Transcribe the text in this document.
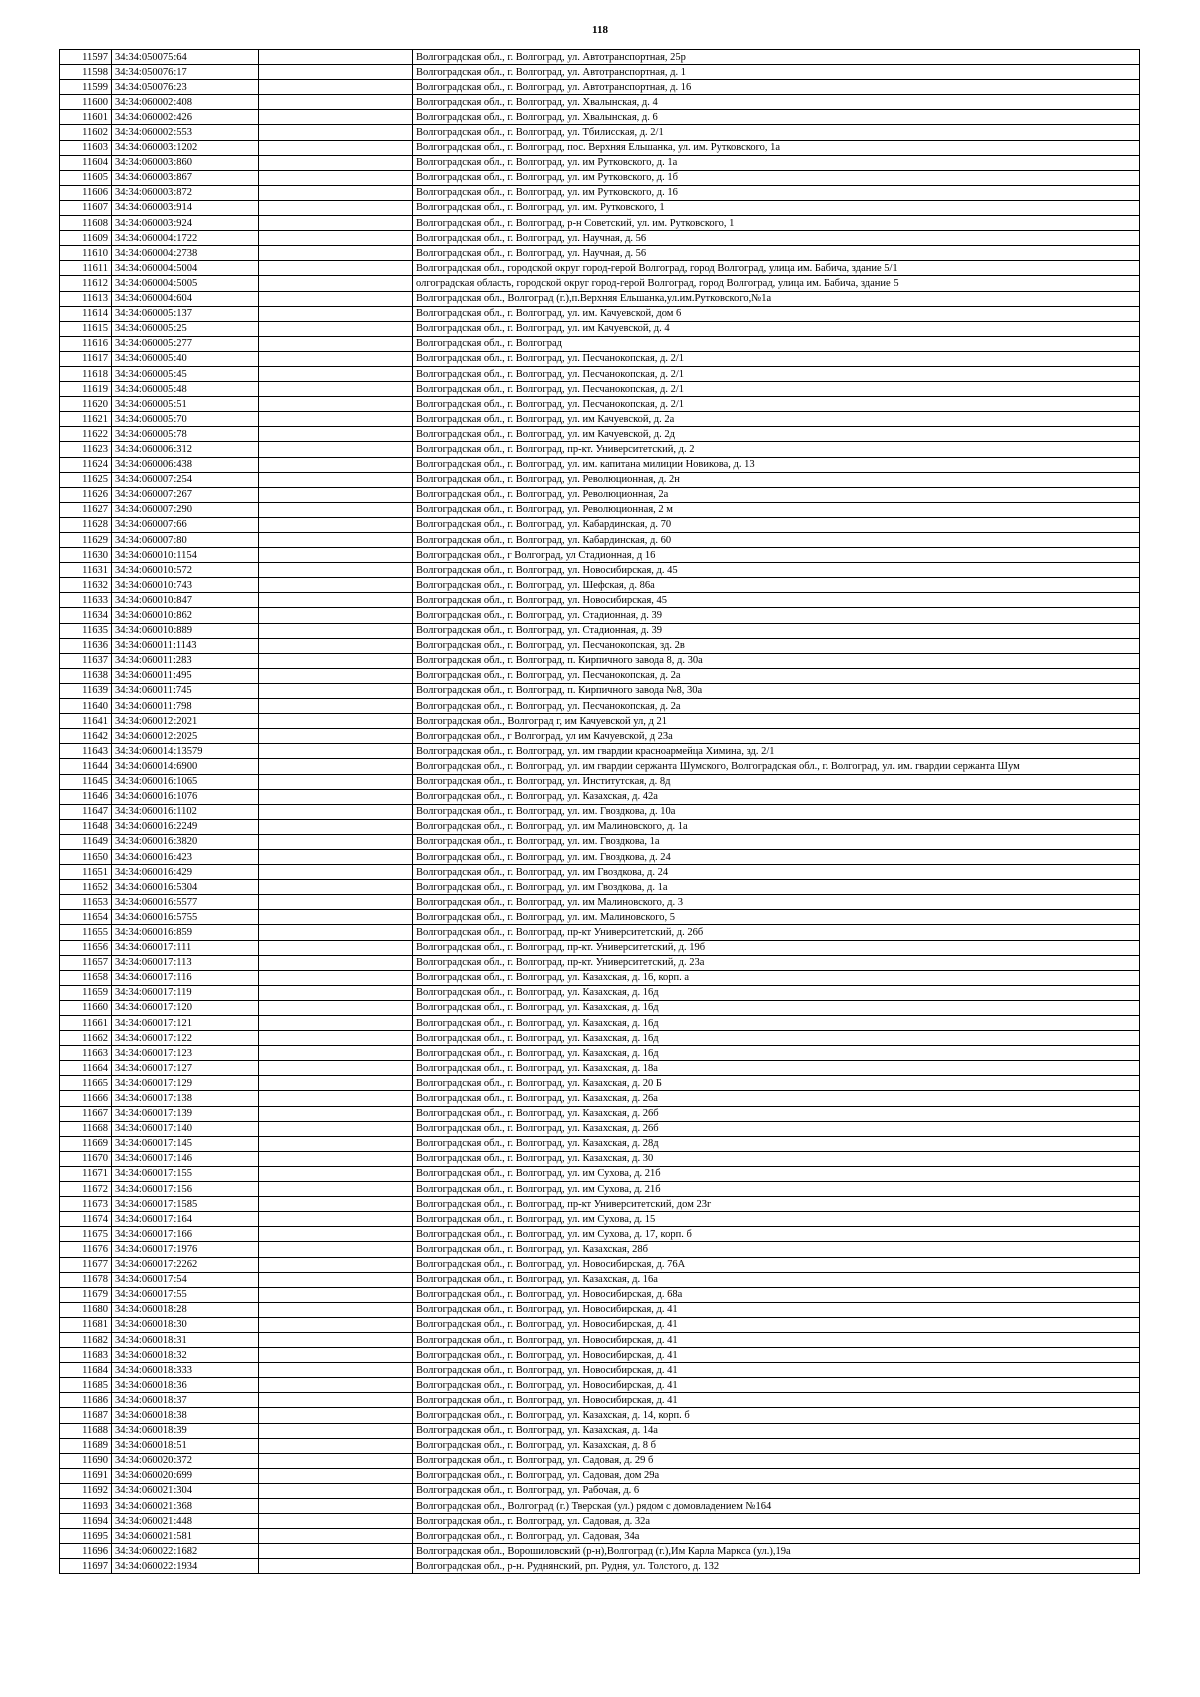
118
11597	34:34:050075:64		Волгоградская обл., г. Волгоград, ул. Автотранспортная, 25р
11598	34:34:050076:17		Волгоградская обл., г. Волгоград, ул. Автотранспортная, д. 1
11599	34:34:050076:23		Волгоградская обл., г. Волгоград, ул. Автотранспортная, д. 16
11600	34:34:060002:408		Волгоградская обл., г. Волгоград, ул. Хвалынская, д. 4
11601	34:34:060002:426		Волгоградская обл., г. Волгоград, ул. Хвалынская, д. 6
11602	34:34:060002:553		Волгоградская обл., г. Волгоград, ул. Тбилисская, д. 2/1
11603	34:34:060003:1202		Волгоградская обл., г. Волгоград, пос. Верхняя Ельшанка, ул. им. Рутковского, 1а
11604	34:34:060003:860		Волгоградская обл., г. Волгоград, ул. им Рутковского, д. 1а
11605	34:34:060003:867		Волгоградская обл., г. Волгоград, ул. им Рутковского, д. 1б
11606	34:34:060003:872		Волгоградская обл., г. Волгоград, ул. им Рутковского, д. 16
11607	34:34:060003:914		Волгоградская обл., г. Волгоград, ул. им. Рутковского, 1
11608	34:34:060003:924		Волгоградская обл., г. Волгоград, р-н Советский, ул. им. Рутковского, 1
11609	34:34:060004:1722		Волгоградская обл., г. Волгоград, ул. Научная, д. 56
11610	34:34:060004:2738		Волгоградская обл., г. Волгоград, ул. Научная, д. 56
11611	34:34:060004:5004		Волгоградская обл., городской округ город-герой Волгоград, город Волгоград, улица им. Бабича, здание 5/1
11612	34:34:060004:5005		олгоградская область, городской округ город-герой Волгоград, город Волгоград, улица им. Бабича, здание 5
11613	34:34:060004:604		Волгоградская обл., Волгоград (г.),п.Верхняя Ельшанка,ул.им.Рутковского,№1а
11614	34:34:060005:137		Волгоградская обл., г. Волгоград, ул. им. Качуевской, дом 6
11615	34:34:060005:25		Волгоградская обл., г. Волгоград, ул. им Качуевской, д. 4
11616	34:34:060005:277		Волгоградская обл., г. Волгоград
11617	34:34:060005:40		Волгоградская обл., г. Волгоград, ул. Песчанокопская, д. 2/1
11618	34:34:060005:45		Волгоградская обл., г. Волгоград, ул. Песчанокопская, д. 2/1
11619	34:34:060005:48		Волгоградская обл., г. Волгоград, ул. Песчанокопская, д. 2/1
11620	34:34:060005:51		Волгоградская обл., г. Волгоград, ул. Песчанокопская, д. 2/1
11621	34:34:060005:70		Волгоградская обл., г. Волгоград, ул. им Качуевской, д. 2а
11622	34:34:060005:78		Волгоградская обл., г. Волгоград, ул. им Качуевской, д. 2д
11623	34:34:060006:312		Волгоградская обл., г. Волгоград, пр-кт. Университетский, д. 2
11624	34:34:060006:438		Волгоградская обл., г. Волгоград, ул. им. капитана милиции Новикова, д. 13
11625	34:34:060007:254		Волгоградская обл., г. Волгоград, ул. Революционная, д. 2н
11626	34:34:060007:267		Волгоградская обл., г. Волгоград, ул. Революционная, 2а
11627	34:34:060007:290		Волгоградская обл., г. Волгоград, ул. Революционная, 2 м
11628	34:34:060007:66		Волгоградская обл., г. Волгоград, ул. Кабардинская, д. 70
11629	34:34:060007:80		Волгоградская обл., г. Волгоград, ул. Кабардинская, д. 60
11630	34:34:060010:1154		Волгоградская обл., г Волгоград, ул Стадионная, д 16
11631	34:34:060010:572		Волгоградская обл., г. Волгоград, ул. Новосибирская, д. 45
11632	34:34:060010:743		Волгоградская обл., г. Волгоград, ул. Шефская, д. 86а
11633	34:34:060010:847		Волгоградская обл., г. Волгоград, ул. Новосибирская, 45
11634	34:34:060010:862		Волгоградская обл., г. Волгоград, ул. Стадионная, д. 39
11635	34:34:060010:889		Волгоградская обл., г. Волгоград, ул. Стадионная, д. 39
11636	34:34:060011:1143		Волгоградская обл., г. Волгоград, ул. Песчанокопская, зд. 2в
11637	34:34:060011:283		Волгоградская обл., г. Волгоград, п. Кирпичного завода 8, д. 30а
11638	34:34:060011:495		Волгоградская обл., г. Волгоград, ул. Песчанокопская, д. 2а
11639	34:34:060011:745		Волгоградская обл., г. Волгоград, п. Кирпичного завода №8, 30а
11640	34:34:060011:798		Волгоградская обл., г. Волгоград, ул. Песчанокопская, д. 2а
11641	34:34:060012:2021		Волгоградская обл., Волгоград г, им Качуевской ул, д 21
11642	34:34:060012:2025		Волгоградская обл., г Волгоград, ул им Качуевской, д 23а
11643	34:34:060014:13579		Волгоградская обл., г. Волгоград, ул. им гвардии красноармейца Химина, зд. 2/1
11644	34:34:060014:6900		Волгоградская обл., г. Волгоград, ул. им гвардии сержанта Шумского, Волгоградская обл., г. Волгоград, ул. им. гвардии сержанта Шум
11645	34:34:060016:1065		Волгоградская обл., г. Волгоград, ул. Институтская, д. 8д
11646	34:34:060016:1076		Волгоградская обл., г. Волгоград, ул. Казахская, д. 42а
11647	34:34:060016:1102		Волгоградская обл., г. Волгоград, ул. им. Гвоздкова, д. 10а
11648	34:34:060016:2249		Волгоградская обл., г. Волгоград, ул. им Малиновского, д. 1а
11649	34:34:060016:3820		Волгоградская обл., г. Волгоград, ул. им. Гвоздкова, 1а
11650	34:34:060016:423		Волгоградская обл., г. Волгоград, ул. им. Гвоздкова, д. 24
11651	34:34:060016:429		Волгоградская обл., г. Волгоград, ул. им Гвоздкова, д. 24
11652	34:34:060016:5304		Волгоградская обл., г. Волгоград, ул. им Гвоздкова, д. 1а
11653	34:34:060016:5577		Волгоградская обл., г. Волгоград, ул. им Малиновского, д. 3
11654	34:34:060016:5755		Волгоградская обл., г. Волгоград, ул. им. Малиновского, 5
11655	34:34:060016:859		Волгоградская обл., г. Волгоград, пр-кт Университетский, д. 26б
11656	34:34:060017:111		Волгоградская обл., г. Волгоград, пр-кт. Университетский, д. 19б
11657	34:34:060017:113		Волгоградская обл., г. Волгоград, пр-кт. Университетский, д. 23а
11658	34:34:060017:116		Волгоградская обл., г. Волгоград, ул. Казахская, д. 16, корп. а
11659	34:34:060017:119		Волгоградская обл., г. Волгоград, ул. Казахская, д. 16д
11660	34:34:060017:120		Волгоградская обл., г. Волгоград, ул. Казахская, д. 16д
11661	34:34:060017:121		Волгоградская обл., г. Волгоград, ул. Казахская, д. 16д
11662	34:34:060017:122		Волгоградская обл., г. Волгоград, ул. Казахская, д. 16д
11663	34:34:060017:123		Волгоградская обл., г. Волгоград, ул. Казахская, д. 16д
11664	34:34:060017:127		Волгоградская обл., г. Волгоград, ул. Казахская, д. 18а
11665	34:34:060017:129		Волгоградская обл., г. Волгоград, ул. Казахская, д. 20 Б
11666	34:34:060017:138		Волгоградская обл., г. Волгоград, ул. Казахская, д. 26а
11667	34:34:060017:139		Волгоградская обл., г. Волгоград, ул. Казахская, д. 26б
11668	34:34:060017:140		Волгоградская обл., г. Волгоград, ул. Казахская, д. 26б
11669	34:34:060017:145		Волгоградская обл., г. Волгоград, ул. Казахская, д. 28д
11670	34:34:060017:146		Волгоградская обл., г. Волгоград, ул. Казахская, д. 30
11671	34:34:060017:155		Волгоградская обл., г. Волгоград, ул. им Сухова, д. 21б
11672	34:34:060017:156		Волгоградская обл., г. Волгоград, ул. им Сухова, д. 21б
11673	34:34:060017:1585		Волгоградская обл., г. Волгоград, пр-кт Университетский, дом 23г
11674	34:34:060017:164		Волгоградская обл., г. Волгоград, ул. им Сухова, д. 15
11675	34:34:060017:166		Волгоградская обл., г. Волгоград, ул. им Сухова, д. 17, корп. б
11676	34:34:060017:1976		Волгоградская обл., г. Волгоград, ул. Казахская, 28б
11677	34:34:060017:2262		Волгоградская обл., г. Волгоград, ул. Новосибирская, д. 76А
11678	34:34:060017:54		Волгоградская обл., г. Волгоград, ул. Казахская, д. 16а
11679	34:34:060017:55		Волгоградская обл., г. Волгоград, ул. Новосибирская, д. 68а
11680	34:34:060018:28		Волгоградская обл., г. Волгоград, ул. Новосибирская, д. 41
11681	34:34:060018:30		Волгоградская обл., г. Волгоград, ул. Новосибирская, д. 41
11682	34:34:060018:31		Волгоградская обл., г. Волгоград, ул. Новосибирская, д. 41
11683	34:34:060018:32		Волгоградская обл., г. Волгоград, ул. Новосибирская, д. 41
11684	34:34:060018:333		Волгоградская обл., г. Волгоград, ул. Новосибирская, д. 41
11685	34:34:060018:36		Волгоградская обл., г. Волгоград, ул. Новосибирская, д. 41
11686	34:34:060018:37		Волгоградская обл., г. Волгоград, ул. Новосибирская, д. 41
11687	34:34:060018:38		Волгоградская обл., г. Волгоград, ул. Казахская, д. 14, корп. б
11688	34:34:060018:39		Волгоградская обл., г. Волгоград, ул. Казахская, д. 14а
11689	34:34:060018:51		Волгоградская обл., г. Волгоград, ул. Казахская, д. 8 б
11690	34:34:060020:372		Волгоградская обл., г. Волгоград, ул. Садовая, д. 29 б
11691	34:34:060020:699		Волгоградская обл., г. Волгоград, ул. Садовая, дом 29а
11692	34:34:060021:304		Волгоградская обл., г. Волгоград, ул. Рабочая, д. 6
11693	34:34:060021:368		Волгоградская обл., Волгоград (г.) Тверская (ул.) рядом с домовладением №164
11694	34:34:060021:448		Волгоградская обл., г. Волгоград, ул. Садовая, д. 32а
11695	34:34:060021:581		Волгоградская обл., г. Волгоград, ул. Садовая, 34а
11696	34:34:060022:1682		Волгоградская обл., Ворошиловский (р-н),Волгоград (г.),Им Карла Маркса (ул.),19а
11697	34:34:060022:1934		Волгоградская обл., р-н. Руднянский, рп. Рудня, ул. Толстого, д. 132
